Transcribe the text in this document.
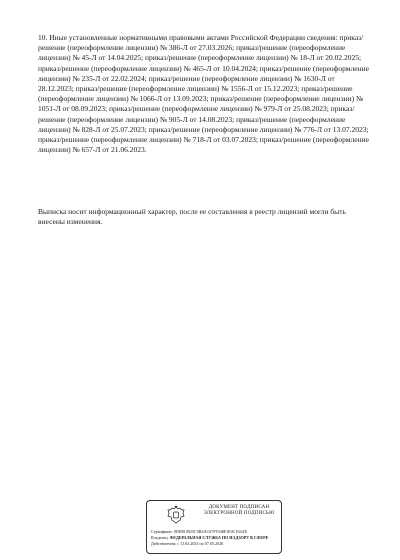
10. Иные установленные нормативными правовыми актами Российской Федерации сведения: приказ/решение (переоформление лицензии) № 386-Л от 27.03.2026; приказ/решение (переоформление лицензии) № 45-Л от 14.04.2025; приказ/решение (переоформление лицензии) № 18-Л от 20.02.2025; приказ/решение (переоформление лицензии) № 465-Л от 10.04.2024; приказ/решение (переоформление лицензии) № 235-Л от 22.02.2024; приказ/решение (переоформление лицензии) № 1630-Л от 28.12.2023; приказ/решение (переоформление лицензии) № 1556-Л от 15.12.2023; приказ/решение (переоформление лицензии) № 1066-Л от 13.09.2023; приказ/решение (переоформление лицензии) № 1051-Л от 08.09.2023; приказ/решение (переоформление лицензии) № 979-Л от 25.08.2023; приказ/решение (переоформление лицензии) № 905-Л от 14.08.2023; приказ/решение (переоформление лицензии) № 828-Л от 25.07.2023; приказ/решение (переоформление лицензии) № 776-Л от 13.07.2023; приказ/решение (переоформление лицензии) № 718-Л от 03.07.2023; приказ/решение (переоформление лицензии) № 657-Л от 21.06.2023.

Выписка носит информационный характер, после ее составления в реестр лицензий могли быть внесены изменения.
ДОКУМЕНТ ПОДПИСАН
ЭЛЕКТРОННОЙ ПОДПИСЬЮ
Сертификат: 0DB810925C5B4AC67F1948F1E0C163AE
Владелец: ФЕДЕРАЛЬНАЯ СЛУЖБА ПО НАДЗОРУ В СФЕРЕ
Действителен: с 11.02.2025 по 07.05.2026
